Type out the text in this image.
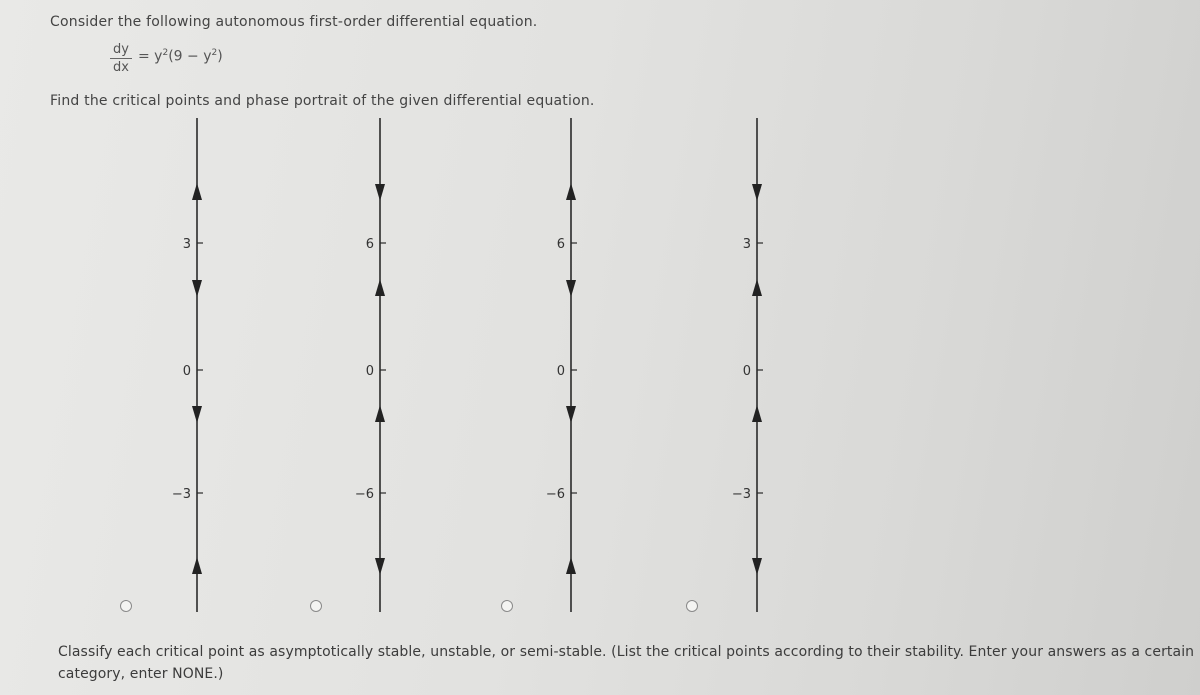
Consider the following autonomous first-order differential equation.
dy
dx
= $y^2(9 - y^2)$
Find the critical points and phase portrait of the given differential equation.
3
0
−3
6
0
−6
6
0
−6
3
0
−3
Classify each critical point as asymptotically stable, unstable, or semi-stable. (List the critical points according to their stability. Enter your answers as a certain category, enter NONE.)
